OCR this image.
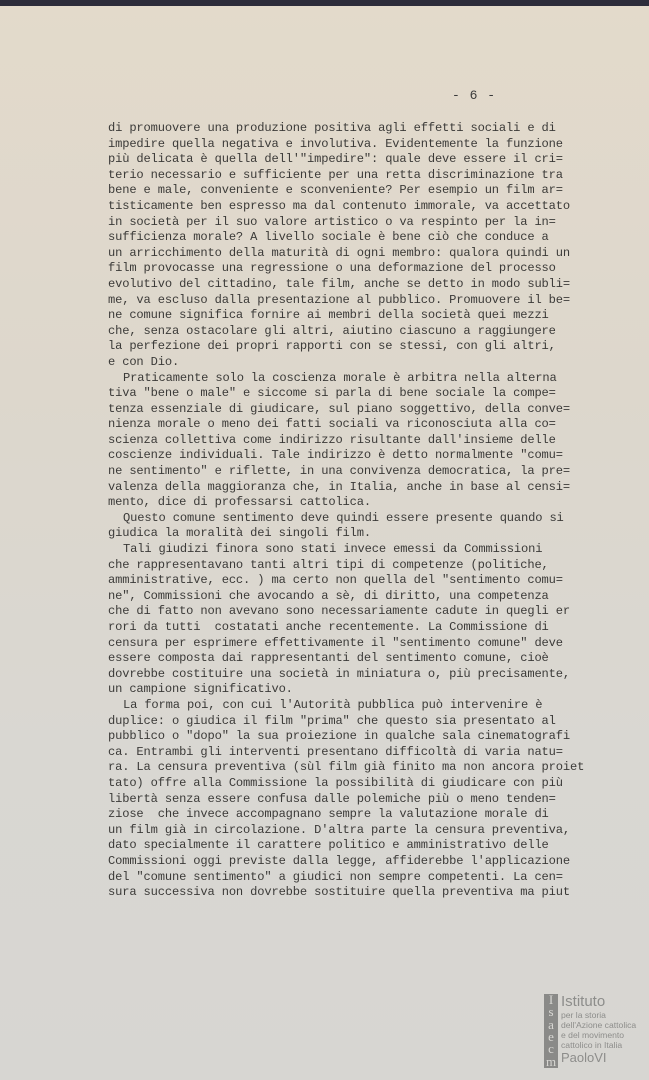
- 6 -
di promuovere una produzione positiva agli effetti sociali e di
impedire quella negativa e involutiva. Evidentemente la funzione
più delicata è quella dell'"impedire": quale deve essere il cri=
terio necessario e sufficiente per una retta discriminazione tra
bene e male, conveniente e sconveniente? Per esempio un film ar=
tisticamente ben espresso ma dal contenuto immorale, va accettato
in società per il suo valore artistico o va respinto per la in=
sufficienza morale? A livello sociale è bene ciò che conduce a
un arricchimento della maturità di ogni membro: qualora quindi un
film provocasse una regressione o una deformazione del processo
evolutivo del cittadino, tale film, anche se detto in modo subli=
me, va escluso dalla presentazione al pubblico. Promuovere il be=
ne comune significa fornire ai membri della società quei mezzi
che, senza ostacolare gli altri, aiutino ciascuno a raggiungere
la perfezione dei propri rapporti con se stessi, con gli altri,
e con Dio.
Praticamente solo la coscienza morale è arbitra nella alterna
tiva "bene o male" e siccome si parla di bene sociale la compe=
tenza essenziale di giudicare, sul piano soggettivo, della conve=
nienza morale o meno dei fatti sociali va riconosciuta alla co=
scienza collettiva come indirizzo risultante dall'insieme delle
coscienze individuali. Tale indirizzo è detto normalmente "comu=
ne sentimento" e riflette, in una convivenza democratica, la pre=
valenza della maggioranza che, in Italia, anche in base al censi=
mento, dice di professarsi cattolica.
Questo comune sentimento deve quindi essere presente quando si
giudica la moralità dei singoli film.
Tali giudizi finora sono stati invece emessi da Commissioni
che rappresentavano tanti altri tipi di competenze (politiche,
amministrative, ecc. ) ma certo non quella del "sentimento comu=
ne", Commissioni che avocando a sè, di diritto, una competenza
che di fatto non avevano sono necessariamente cadute in quegli er
rori da tutti  costatati anche recentemente. La Commissione di
censura per esprimere effettivamente il "sentimento comune" deve
essere composta dai rappresentanti del sentimento comune, cioè
dovrebbe costituire una società in miniatura o, più precisamente,
un campione significativo.
La forma poi, con cui l'Autorità pubblica può intervenire è
duplice: o giudica il film "prima" che questo sia presentato al
pubblico o "dopo" la sua proiezione in qualche sala cinematografi
ca. Entrambi gli interventi presentano difficoltà di varia natu=
ra. La censura preventiva (sùl film già finito ma non ancora proiet
tato) offre alla Commissione la possibilità di giudicare con più
libertà senza essere confusa dalle polemiche più o meno tenden=
ziose  che invece accompagnano sempre la valutazione morale di
un film già in circolazione. D'altra parte la censura preventiva,
dato specialmente il carattere politico e amministrativo delle
Commissioni oggi previste dalla legge, affiderebbe l'applicazione
del "comune sentimento" a giudici non sempre competenti. La cen=
sura successiva non dovrebbe sostituire quella preventiva ma piut
I
s
a
e
c
m
Istituto
per la storia
dell'Azione cattolica
e del movimento
cattolico in Italia
PaoloVI
